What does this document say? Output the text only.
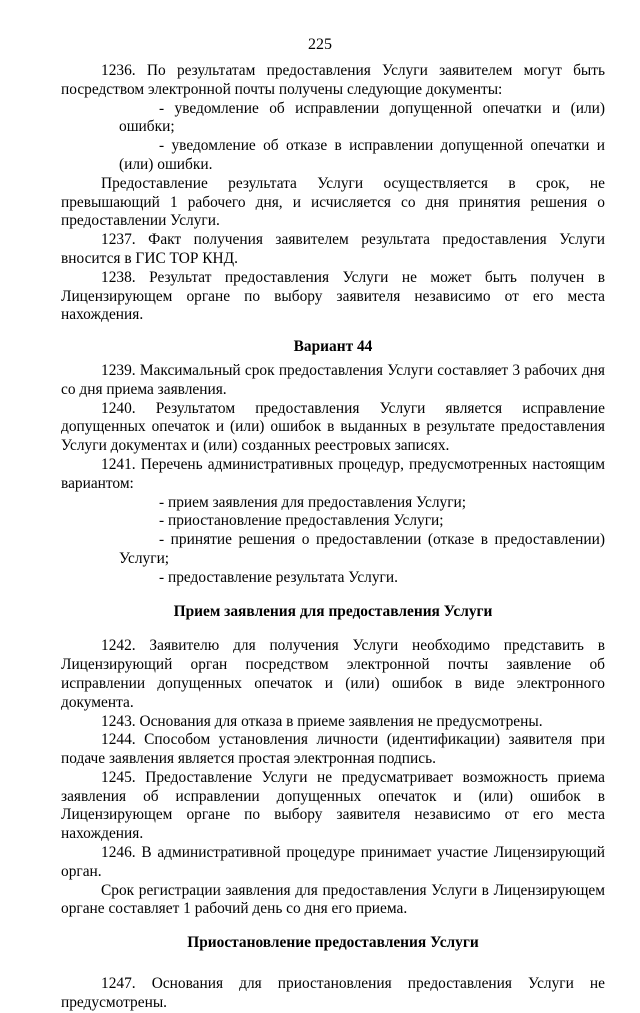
225

1236. По результатам предоставления Услуги заявителем могут быть посредством электронной почты получены следующие документы:

- уведомление об исправлении допущенной опечатки и (или) ошибки;

- уведомление об отказе в исправлении допущенной опечатки и (или) ошибки.

Предоставление результата Услуги осуществляется в срок, не превышающий 1 рабочего дня, и исчисляется со дня принятия решения о предоставлении Услуги.

1237. Факт получения заявителем результата предоставления Услуги вносится в ГИС ТОР КНД.

1238. Результат предоставления Услуги не может быть получен в Лицензирующем органе по выбору заявителя независимо от его места нахождения.

Вариант 44

1239. Максимальный срок предоставления Услуги составляет 3 рабочих дня со дня приема заявления.

1240. Результатом предоставления Услуги является исправление допущенных опечаток и (или) ошибок в выданных в результате предоставления Услуги документах и (или) созданных реестровых записях.

1241. Перечень административных процедур, предусмотренных настоящим вариантом:

- прием заявления для предоставления Услуги;

- приостановление предоставления Услуги;

- принятие решения о предоставлении (отказе в предоставлении) Услуги;

- предоставление результата Услуги.

Прием заявления для предоставления Услуги

1242. Заявителю для получения Услуги необходимо представить в Лицензирующий орган посредством электронной почты заявление об исправлении допущенных опечаток и (или) ошибок в виде электронного документа.

1243. Основания для отказа в приеме заявления не предусмотрены.

1244. Способом установления личности (идентификации) заявителя при подаче заявления является простая электронная подпись.

1245. Предоставление Услуги не предусматривает возможность приема заявления об исправлении допущенных опечаток и (или) ошибок в Лицензирующем органе по выбору заявителя независимо от его места нахождения.

1246. В административной процедуре принимает участие Лицензирующий орган.

Срок регистрации заявления для предоставления Услуги в Лицензирующем органе составляет 1 рабочий день со дня его приема.

Приостановление предоставления Услуги

1247. Основания для приостановления предоставления Услуги не предусмотрены.
